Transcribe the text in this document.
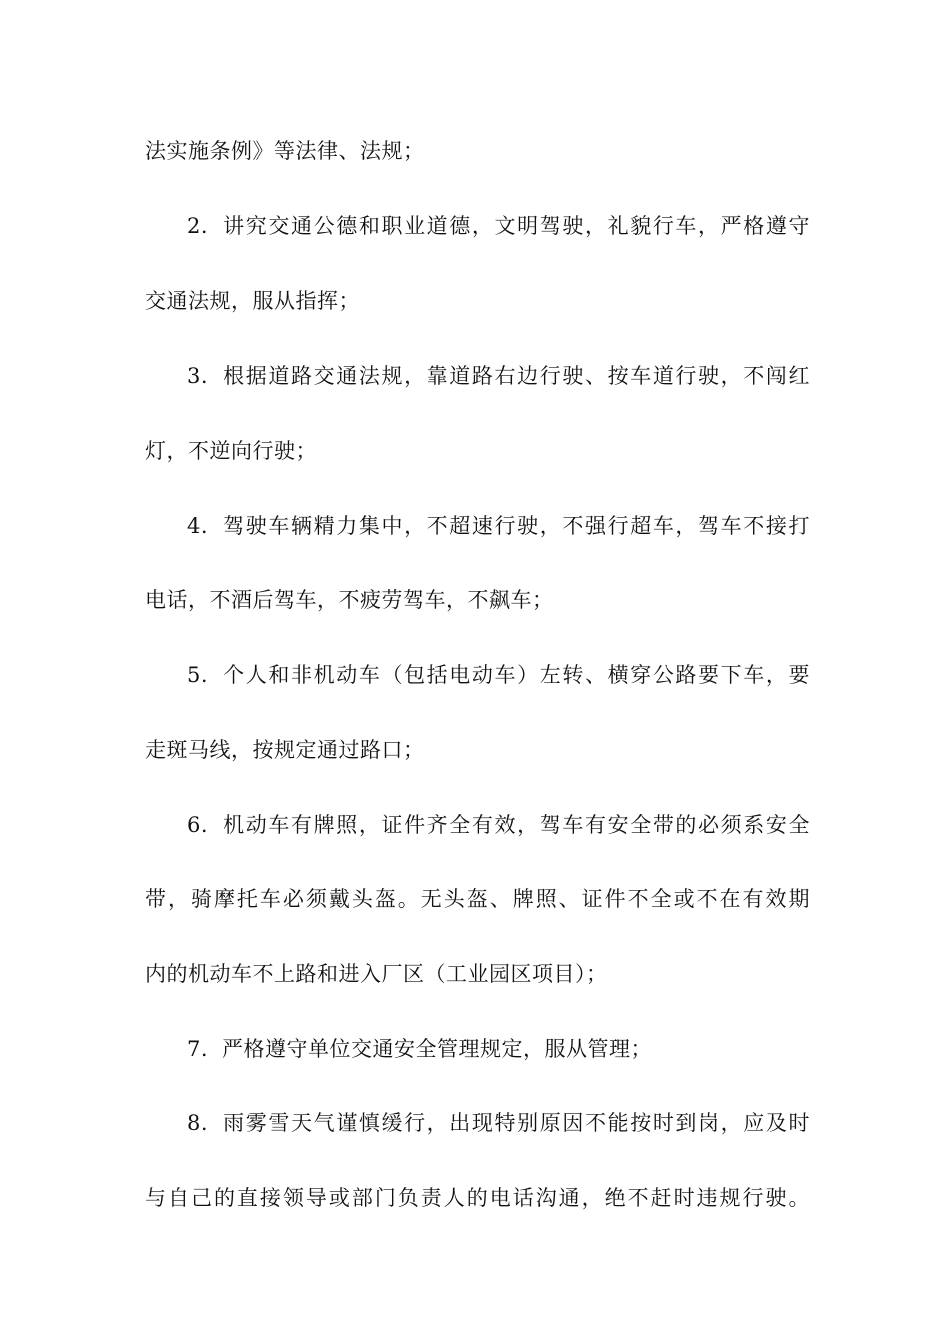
法实施条例》等法律、法规；
2. 讲究交通公德和职业道德，文明驾驶，礼貌行车，严格遵守
交通法规，服从指挥；
3. 根据道路交通法规，靠道路右边行驶、按车道行驶，不闯红
灯，不逆向行驶；
4. 驾驶车辆精力集中，不超速行驶，不强行超车，驾车不接打
电话，不酒后驾车，不疲劳驾车，不飙车；
5. 个人和非机动车（包括电动车）左转、横穿公路要下车，要
走斑马线，按规定通过路口；
6. 机动车有牌照，证件齐全有效，驾车有安全带的必须系安全
带，骑摩托车必须戴头盔。无头盔、牌照、证件不全或不在有效期
内的机动车不上路和进入厂区（工业园区项目）；
7. 严格遵守单位交通安全管理规定，服从管理；
8. 雨雾雪天气谨慎缓行，出现特别原因不能按时到岗，应及时
与自己的直接领导或部门负责人的电话沟通，绝不赶时违规行驶。
